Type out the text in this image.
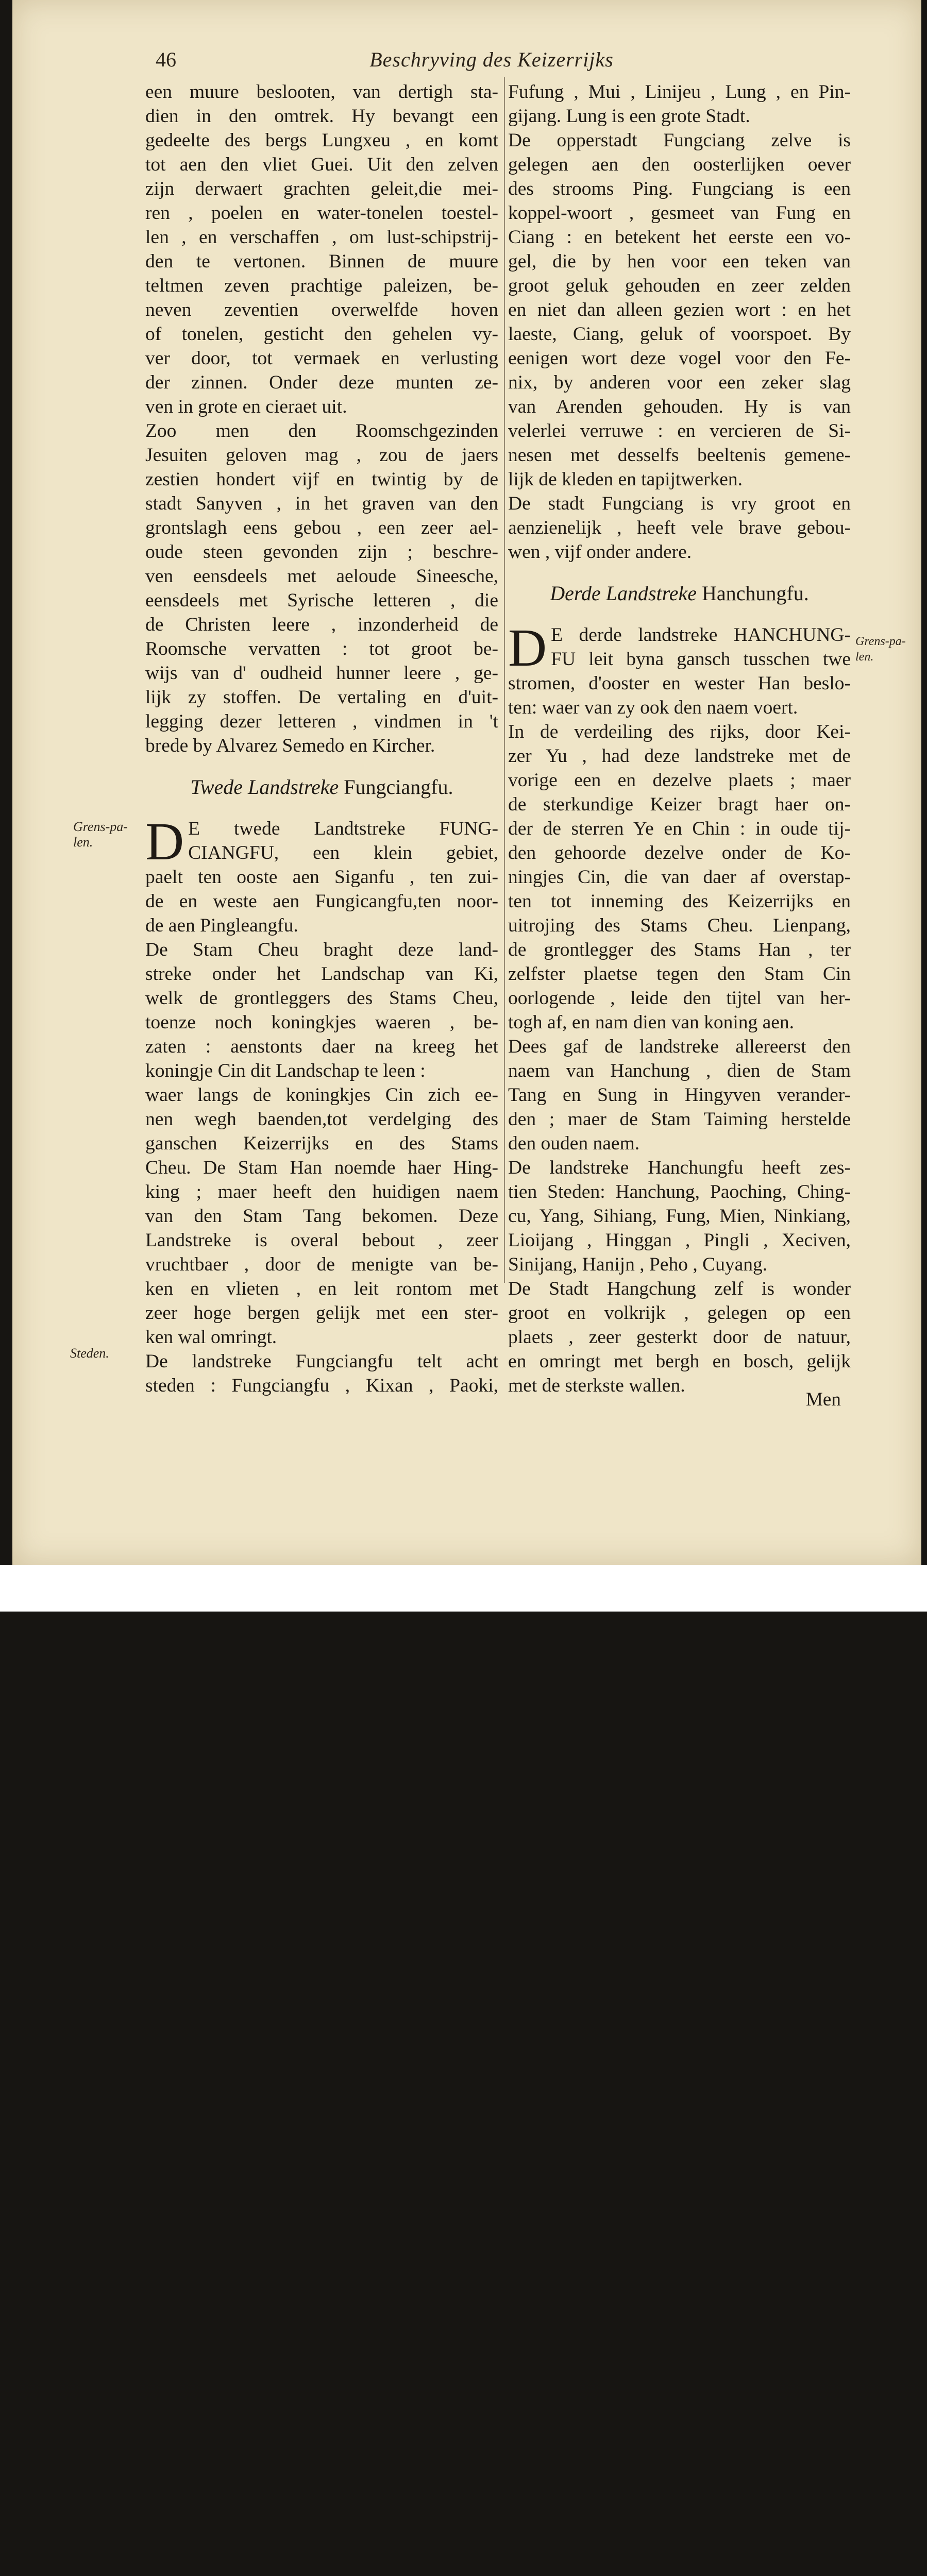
46	Beschryving des Keizerrijks
een muure beslooten, van dertigh sta-
dien in den omtrek. Hy bevangt een
gedeelte des bergs Lungxeu , en komt
tot aen den vliet Guei. Uit den zelven
zijn derwaert grachten geleit,die mei-
ren , poelen en water-tonelen toestel-
len , en verschaffen , om lust-schipstrij-
den te vertonen. Binnen de muure
teltmen zeven prachtige paleizen, be-
neven zeventien overwelfde hoven
of tonelen, gesticht den gehelen vy-
ver door, tot vermaek en verlusting
der zinnen. Onder deze munten ze-
ven in grote en cieraet uit.
Zoo men den Roomschgezinden
Jesuiten geloven mag , zou de jaers
zestien hondert vijf en twintig by de
stadt Sanyven , in het graven van den
grontslagh eens gebou , een zeer ael-
oude steen gevonden zijn ; beschre-
ven eensdeels met aeloude Sineesche,
eensdeels met Syrische letteren , die
de Christen leere , inzonderheid de
Roomsche vervatten : tot groot be-
wijs van d' oudheid hunner leere , ge-
lijk zy stoffen. De vertaling en d'uit-
legging dezer letteren , vindmen in 't
brede by Alvarez Semedo en Kircher.
Twede Landstreke Fungciangfu.
D E twede Landtstreke FUNG-
CIANGFU, een klein gebiet,
paelt ten ooste aen Siganfu , ten zui-
de en weste aen Fungicangfu,ten noor-
de aen Pingleangfu.
De Stam Cheu braght deze land-
streke onder het Landschap van Ki,
welk de grontleggers des Stams Cheu,
toenze noch koningkjes waeren , be-
zaten : aenstonts daer na kreeg het
koningje Cin dit Landschap te leen :
waer langs de koningkjes Cin zich ee-
nen wegh baenden,tot verdelging des
ganschen Keizerrijks en des Stams
Cheu. De Stam Han noemde haer Hing-
king ; maer heeft den huidigen naem
van den Stam Tang bekomen. Deze
Landstreke is overal bebout , zeer
vruchtbaer , door de menigte van be-
ken en vlieten , en leit rontom met
zeer hoge bergen gelijk met een ster-
ken wal omringt.
De landstreke Fungciangfu telt acht
steden : Fungciangfu , Kixan , Paoki,
Fufung , Mui , Linijeu , Lung , en Pin-
gijang. Lung is een grote Stadt.
De opperstadt Fungciang zelve is
gelegen aen den oosterlijken oever
des strooms Ping. Fungciang is een
koppel-woort , gesmeet van Fung en
Ciang : en betekent het eerste een vo-
gel, die by hen voor een teken van
groot geluk gehouden en zeer zelden
en niet dan alleen gezien wort : en het
laeste, Ciang, geluk of voorspoet. By
eenigen wort deze vogel voor den Fe-
nix, by anderen voor een zeker slag
van Arenden gehouden. Hy is van
velerlei verruwe : en vercieren de Si-
nesen met desselfs beeltenis gemene-
lijk de kleden en tapijtwerken.
De stadt Fungciang is vry groot en
aenzienelijk , heeft vele brave gebou-
wen , vijf onder andere.
Derde Landstreke Hanchungfu.
D E derde landstreke HANCHUNG-
FU leit byna gansch tusschen twe
stromen, d'ooster en wester Han beslo-
ten: waer van zy ook den naem voert.
In de verdeiling des rijks, door Kei-
zer Yu , had deze landstreke met de
vorige een en dezelve plaets ; maer
de sterkundige Keizer bragt haer on-
der de sterren Ye en Chin : in oude tij-
den gehoorde dezelve onder de Ko-
ningjes Cin, die van daer af overstap-
ten tot inneming des Keizerrijks en
uitrojing des Stams Cheu. Lienpang,
de grontlegger des Stams Han , ter
zelfster plaetse tegen den Stam Cin
oorlogende , leide den tijtel van her-
togh af, en nam dien van koning aen.
Dees gaf de landstreke allereerst den
naem van Hanchung , dien de Stam
Tang en Sung in Hingyven verander-
den ; maer de Stam Taiming herstelde
den ouden naem.
De landstreke Hanchungfu heeft zes-
tien Steden: Hanchung, Paoching, Ching-
cu, Yang, Sihiang, Fung, Mien, Ninkiang,
Lioijang , Hinggan , Pingli , Xeciven,
Sinijang, Hanijn , Peho , Cuyang.
De Stadt Hangchung zelf is wonder
groot en volkrijk , gelegen op een
plaets , zeer gesterkt door de natuur,
en omringt met bergh en bosch, gelijk
met de sterkste wallen.
Grens-pa-
len.
Steden.
Grens-pa-
len.
Men
